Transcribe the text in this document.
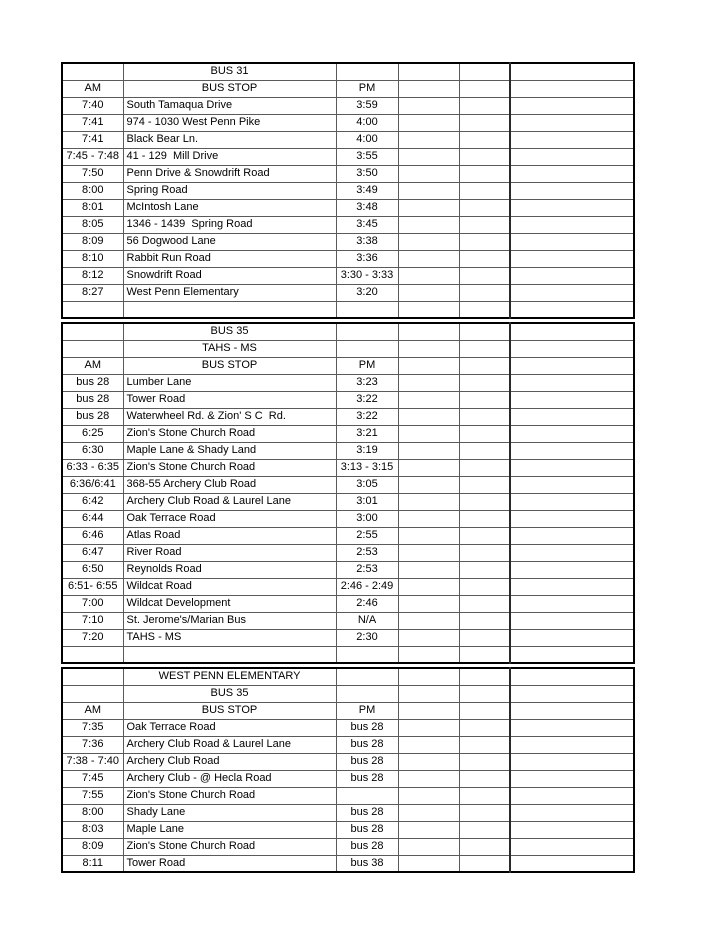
	BUS 31				
AM	BUS STOP	PM			
7:40	South Tamaqua Drive	3:59			
7:41	974 - 1030 West Penn Pike	4:00			
7:41	Black Bear Ln.	4:00			
7:45 - 7:48	41 - 129  Mill Drive	3:55			
7:50	Penn Drive & Snowdrift Road	3:50			
8:00	Spring Road	3:49			
8:01	McIntosh Lane	3:48			
8:05	1346 - 1439  Spring Road	3:45			
8:09	56 Dogwood Lane	3:38			
8:10	Rabbit Run Road	3:36			
8:12	Snowdrift Road	3:30 - 3:33			
8:27	West Penn Elementary	3:20			

	BUS 35				
	TAHS - MS				
AM	BUS STOP	PM			
bus 28	Lumber Lane	3:23			
bus 28	Tower Road	3:22			
bus 28	Waterwheel Rd. & Zion' S C  Rd.	3:22			
6:25	Zion's Stone Church Road	3:21			
6:30	Maple Lane & Shady Land	3:19			
6:33 - 6:35	Zion's Stone Church Road	3:13 - 3:15			
6:36/6:41	368-55 Archery Club Road	3:05			
6:42	Archery Club Road & Laurel Lane	3:01			
6:44	Oak Terrace Road	3:00			
6:46	Atlas Road	2:55			
6:47	River Road	2:53			
6:50	Reynolds Road	2:53			
6:51- 6:55	Wildcat Road	2:46 - 2:49			
7:00	Wildcat Development	2:46			
7:10	St. Jerome's/Marian Bus	N/A			
7:20	TAHS - MS	2:30			

	WEST PENN ELEMENTARY				
	BUS 35				
AM	BUS STOP	PM			
7:35	Oak Terrace Road	bus 28			
7:36	Archery Club Road & Laurel Lane	bus 28			
7:38 - 7:40	Archery Club Road	bus 28			
7:45	Archery Club - @ Hecla Road	bus 28			
7:55	Zion's Stone Church Road				
8:00	Shady Lane	bus 28			
8:03	Maple Lane	bus 28			
8:09	Zion's Stone Church Road	bus 28			
8:11	Tower Road	bus 38			
